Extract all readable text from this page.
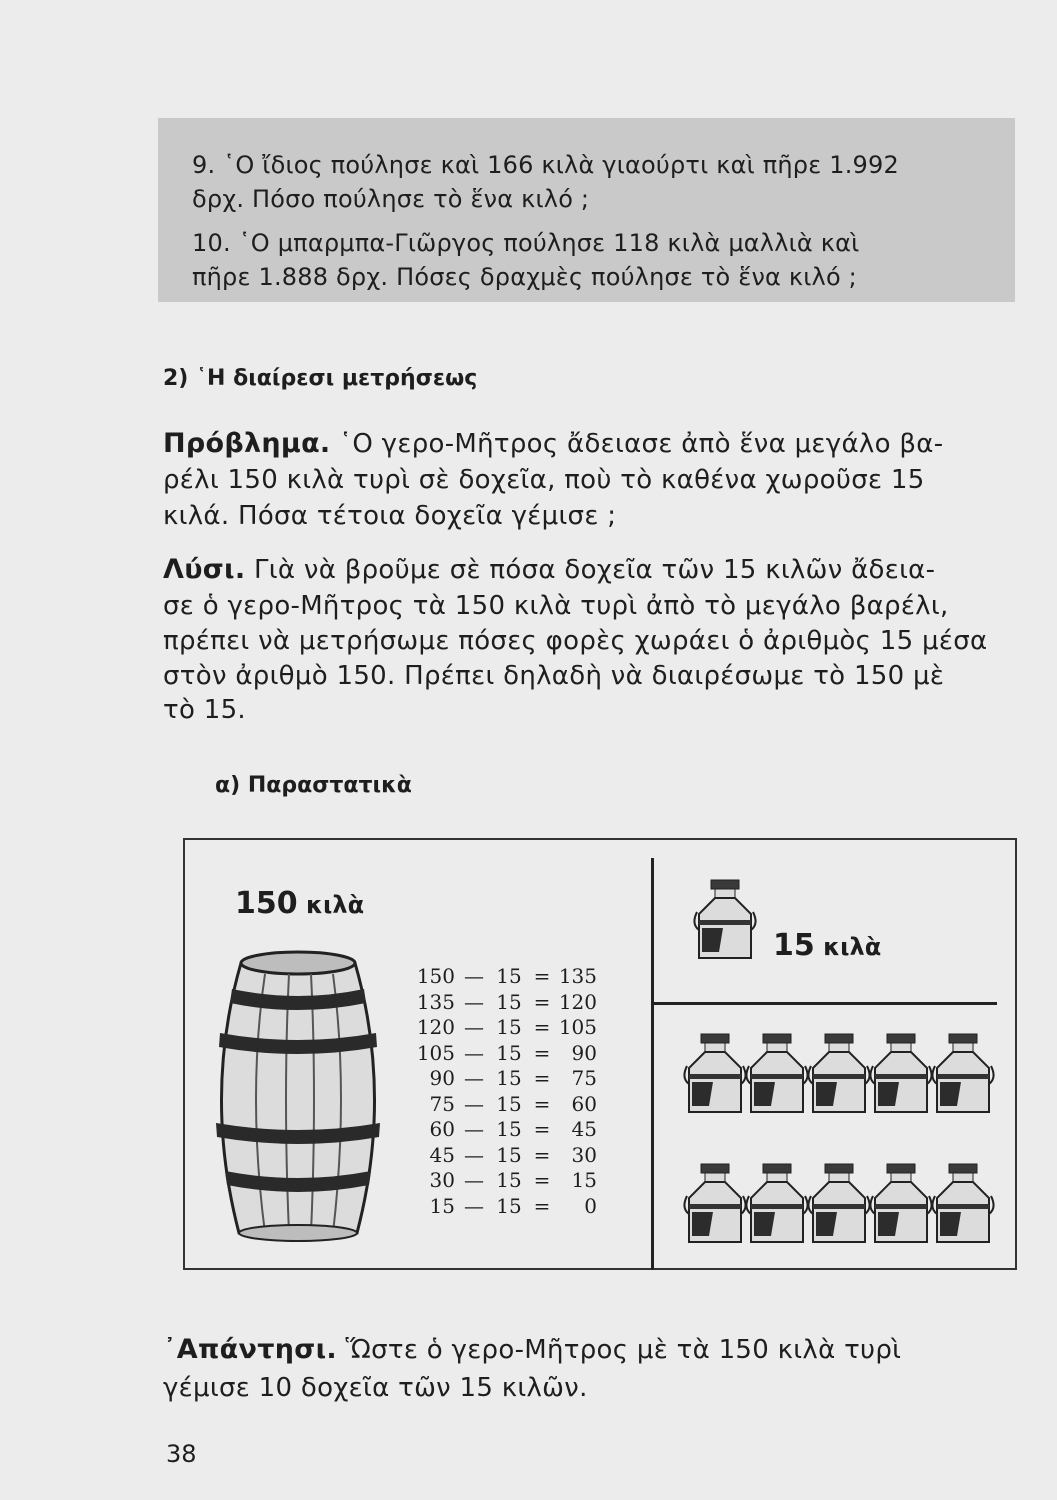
9. ῾Ο ἴδιος πούλησε καὶ 166 κιλὰ γιαούρτι καὶ πῆρε 1.992
δρχ. Πόσο πούλησε τὸ ἕνα κιλό ;
10. ῾Ο μπαρμπα-Γιῶργος πούλησε 118 κιλὰ μαλλιὰ καὶ
πῆρε 1.888 δρχ. Πόσες δραχμὲς πούλησε τὸ ἕνα κιλό ;
2) ῾Η διαίρεσι μετρήσεως
Πρόβλημα. ῾Ο γερο-Μῆτρος ἄδειασε ἀπὸ ἕνα μεγάλο βα-
ρέλι 150 κιλὰ τυρὶ σὲ δοχεῖα, ποὺ τὸ καθένα χωροῦσε 15
κιλά. Πόσα τέτοια δοχεῖα γέμισε ;
Λύσι. Γιὰ νὰ βροῦμε σὲ πόσα δοχεῖα τῶν 15 κιλῶν ἄδεια-
σε ὁ γερο-Μῆτρος τὰ 150 κιλὰ τυρὶ ἀπὸ τὸ μεγάλο βαρέλι,
πρέπει νὰ μετρήσωμε πόσες φορὲς χωράει ὁ ἀριθμὸς 15 μέσα
στὸν ἀριθμὸ 150. Πρέπει δηλαδὴ νὰ διαιρέσωμε τὸ 150 μὲ
τὸ 15.
α) Παραστατικὰ
150 κιλὰ
150 — 15 = 135
135 — 15 = 120
120 — 15 = 105
105 — 15 =	90
90 — 15 =	75
75 — 15 =	60
60 — 15 =	45
45 — 15 =	30
30 — 15 =	15
15 — 15 =	0
15 κιλὰ
᾿Απάντησι. Ὥστε ὁ γερο-Μῆτρος μὲ τὰ 150 κιλὰ τυρὶ
γέμισε 10 δοχεῖα τῶν 15 κιλῶν.
38
